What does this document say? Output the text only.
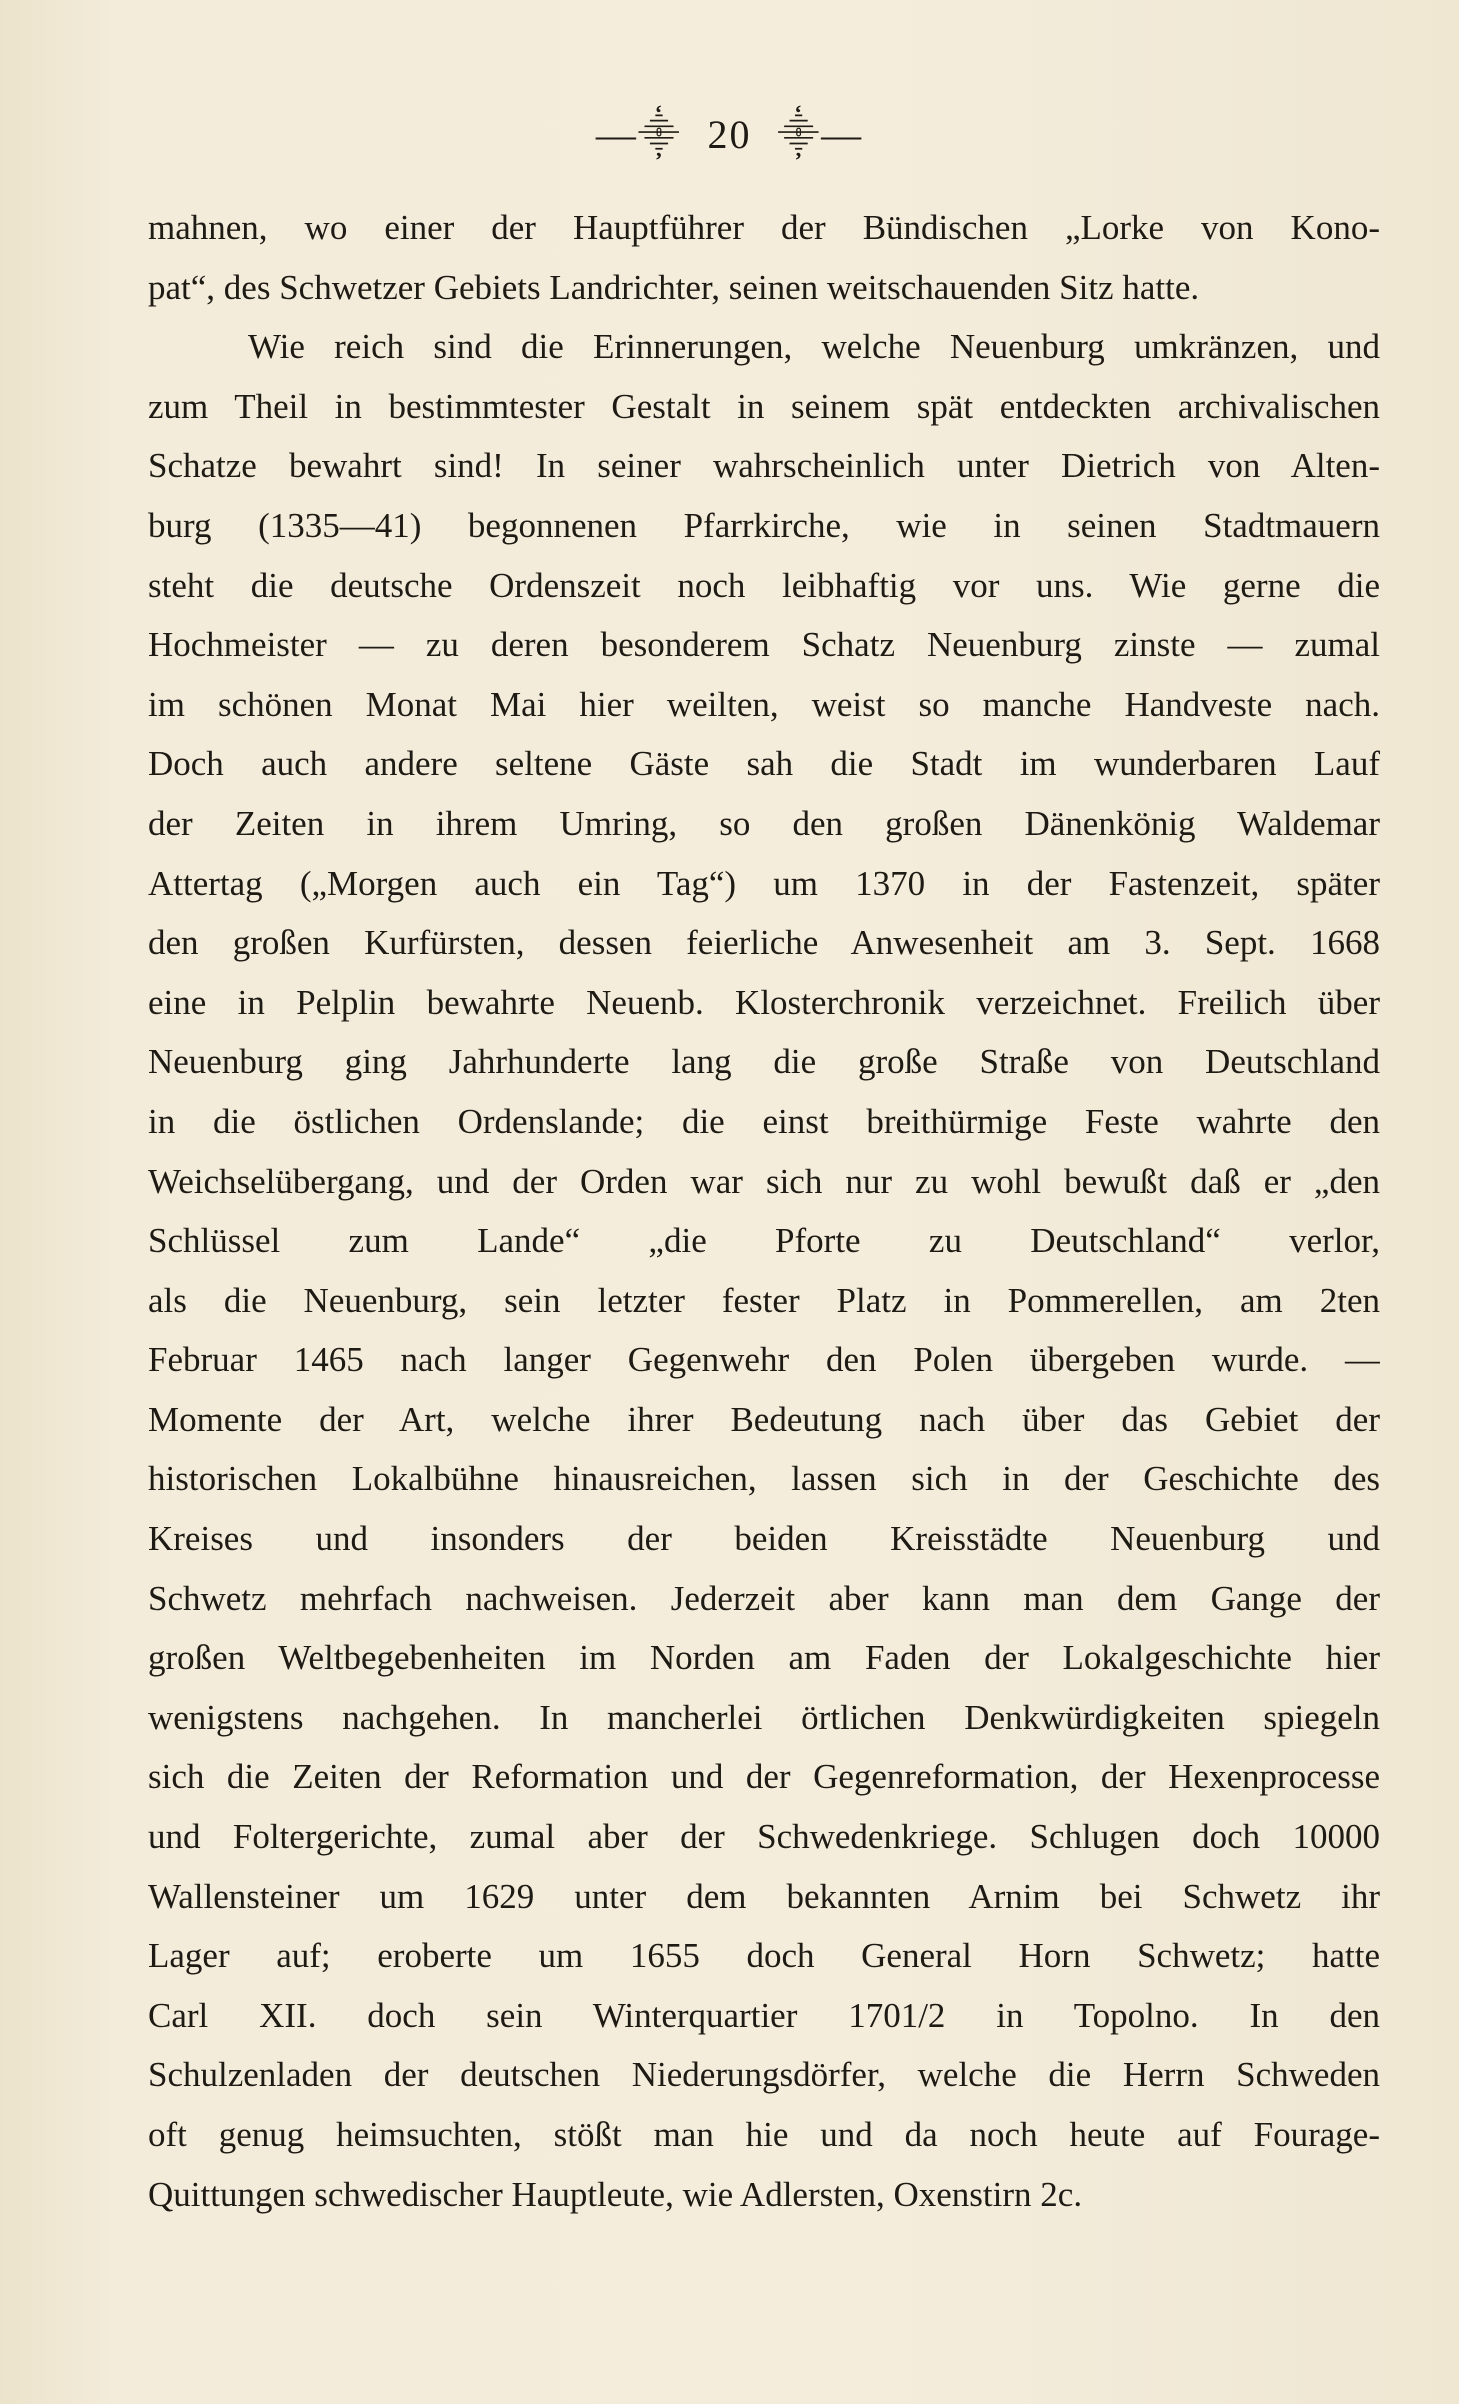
—⸎ 20 ⸎—
mahnen, wo einer der Hauptführer der Bündischen „Lorke von Kono-
pat“, des Schwetzer Gebiets Landrichter, seinen weitschauenden Sitz hatte.
Wie reich sind die Erinnerungen, welche Neuenburg umkränzen, und
zum Theil in bestimmtester Gestalt in seinem spät entdeckten archivalischen
Schatze bewahrt sind! In seiner wahrscheinlich unter Dietrich von Alten-
burg (1335—41) begonnenen Pfarrkirche, wie in seinen Stadtmauern
steht die deutsche Ordenszeit noch leibhaftig vor uns. Wie gerne die
Hochmeister — zu deren besonderem Schatz Neuenburg zinste — zumal
im schönen Monat Mai hier weilten, weist so manche Handveste nach.
Doch auch andere seltene Gäste sah die Stadt im wunderbaren Lauf
der Zeiten in ihrem Umring, so den großen Dänenkönig Waldemar
Attertag („Morgen auch ein Tag“) um 1370 in der Fastenzeit, später
den großen Kurfürsten, dessen feierliche Anwesenheit am 3. Sept. 1668
eine in Pelplin bewahrte Neuenb. Klosterchronik verzeichnet. Freilich über
Neuenburg ging Jahrhunderte lang die große Straße von Deutschland
in die östlichen Ordenslande; die einst breithürmige Feste wahrte den
Weichselübergang, und der Orden war sich nur zu wohl bewußt daß er „den
Schlüssel zum Lande“ „die Pforte zu Deutschland“ verlor,
als die Neuenburg, sein letzter fester Platz in Pommerellen, am 2ten
Februar 1465 nach langer Gegenwehr den Polen übergeben wurde. —
Momente der Art, welche ihrer Bedeutung nach über das Gebiet der
historischen Lokalbühne hinausreichen, lassen sich in der Geschichte des
Kreises und insonders der beiden Kreisstädte Neuenburg und
Schwetz mehrfach nachweisen. Jederzeit aber kann man dem Gange der
großen Weltbegebenheiten im Norden am Faden der Lokalgeschichte hier
wenigstens nachgehen. In mancherlei örtlichen Denkwürdigkeiten spiegeln
sich die Zeiten der Reformation und der Gegenreformation, der Hexenprocesse
und Foltergerichte, zumal aber der Schwedenkriege. Schlugen doch 10000
Wallensteiner um 1629 unter dem bekannten Arnim bei Schwetz ihr
Lager auf; eroberte um 1655 doch General Horn Schwetz; hatte
Carl XII. doch sein Winterquartier 1701/2 in Topolno. In den
Schulzenladen der deutschen Niederungsdörfer, welche die Herrn Schweden
oft genug heimsuchten, stößt man hie und da noch heute auf Fourage-
Quittungen schwedischer Hauptleute, wie Adlersten, Oxenstirn 2c.
